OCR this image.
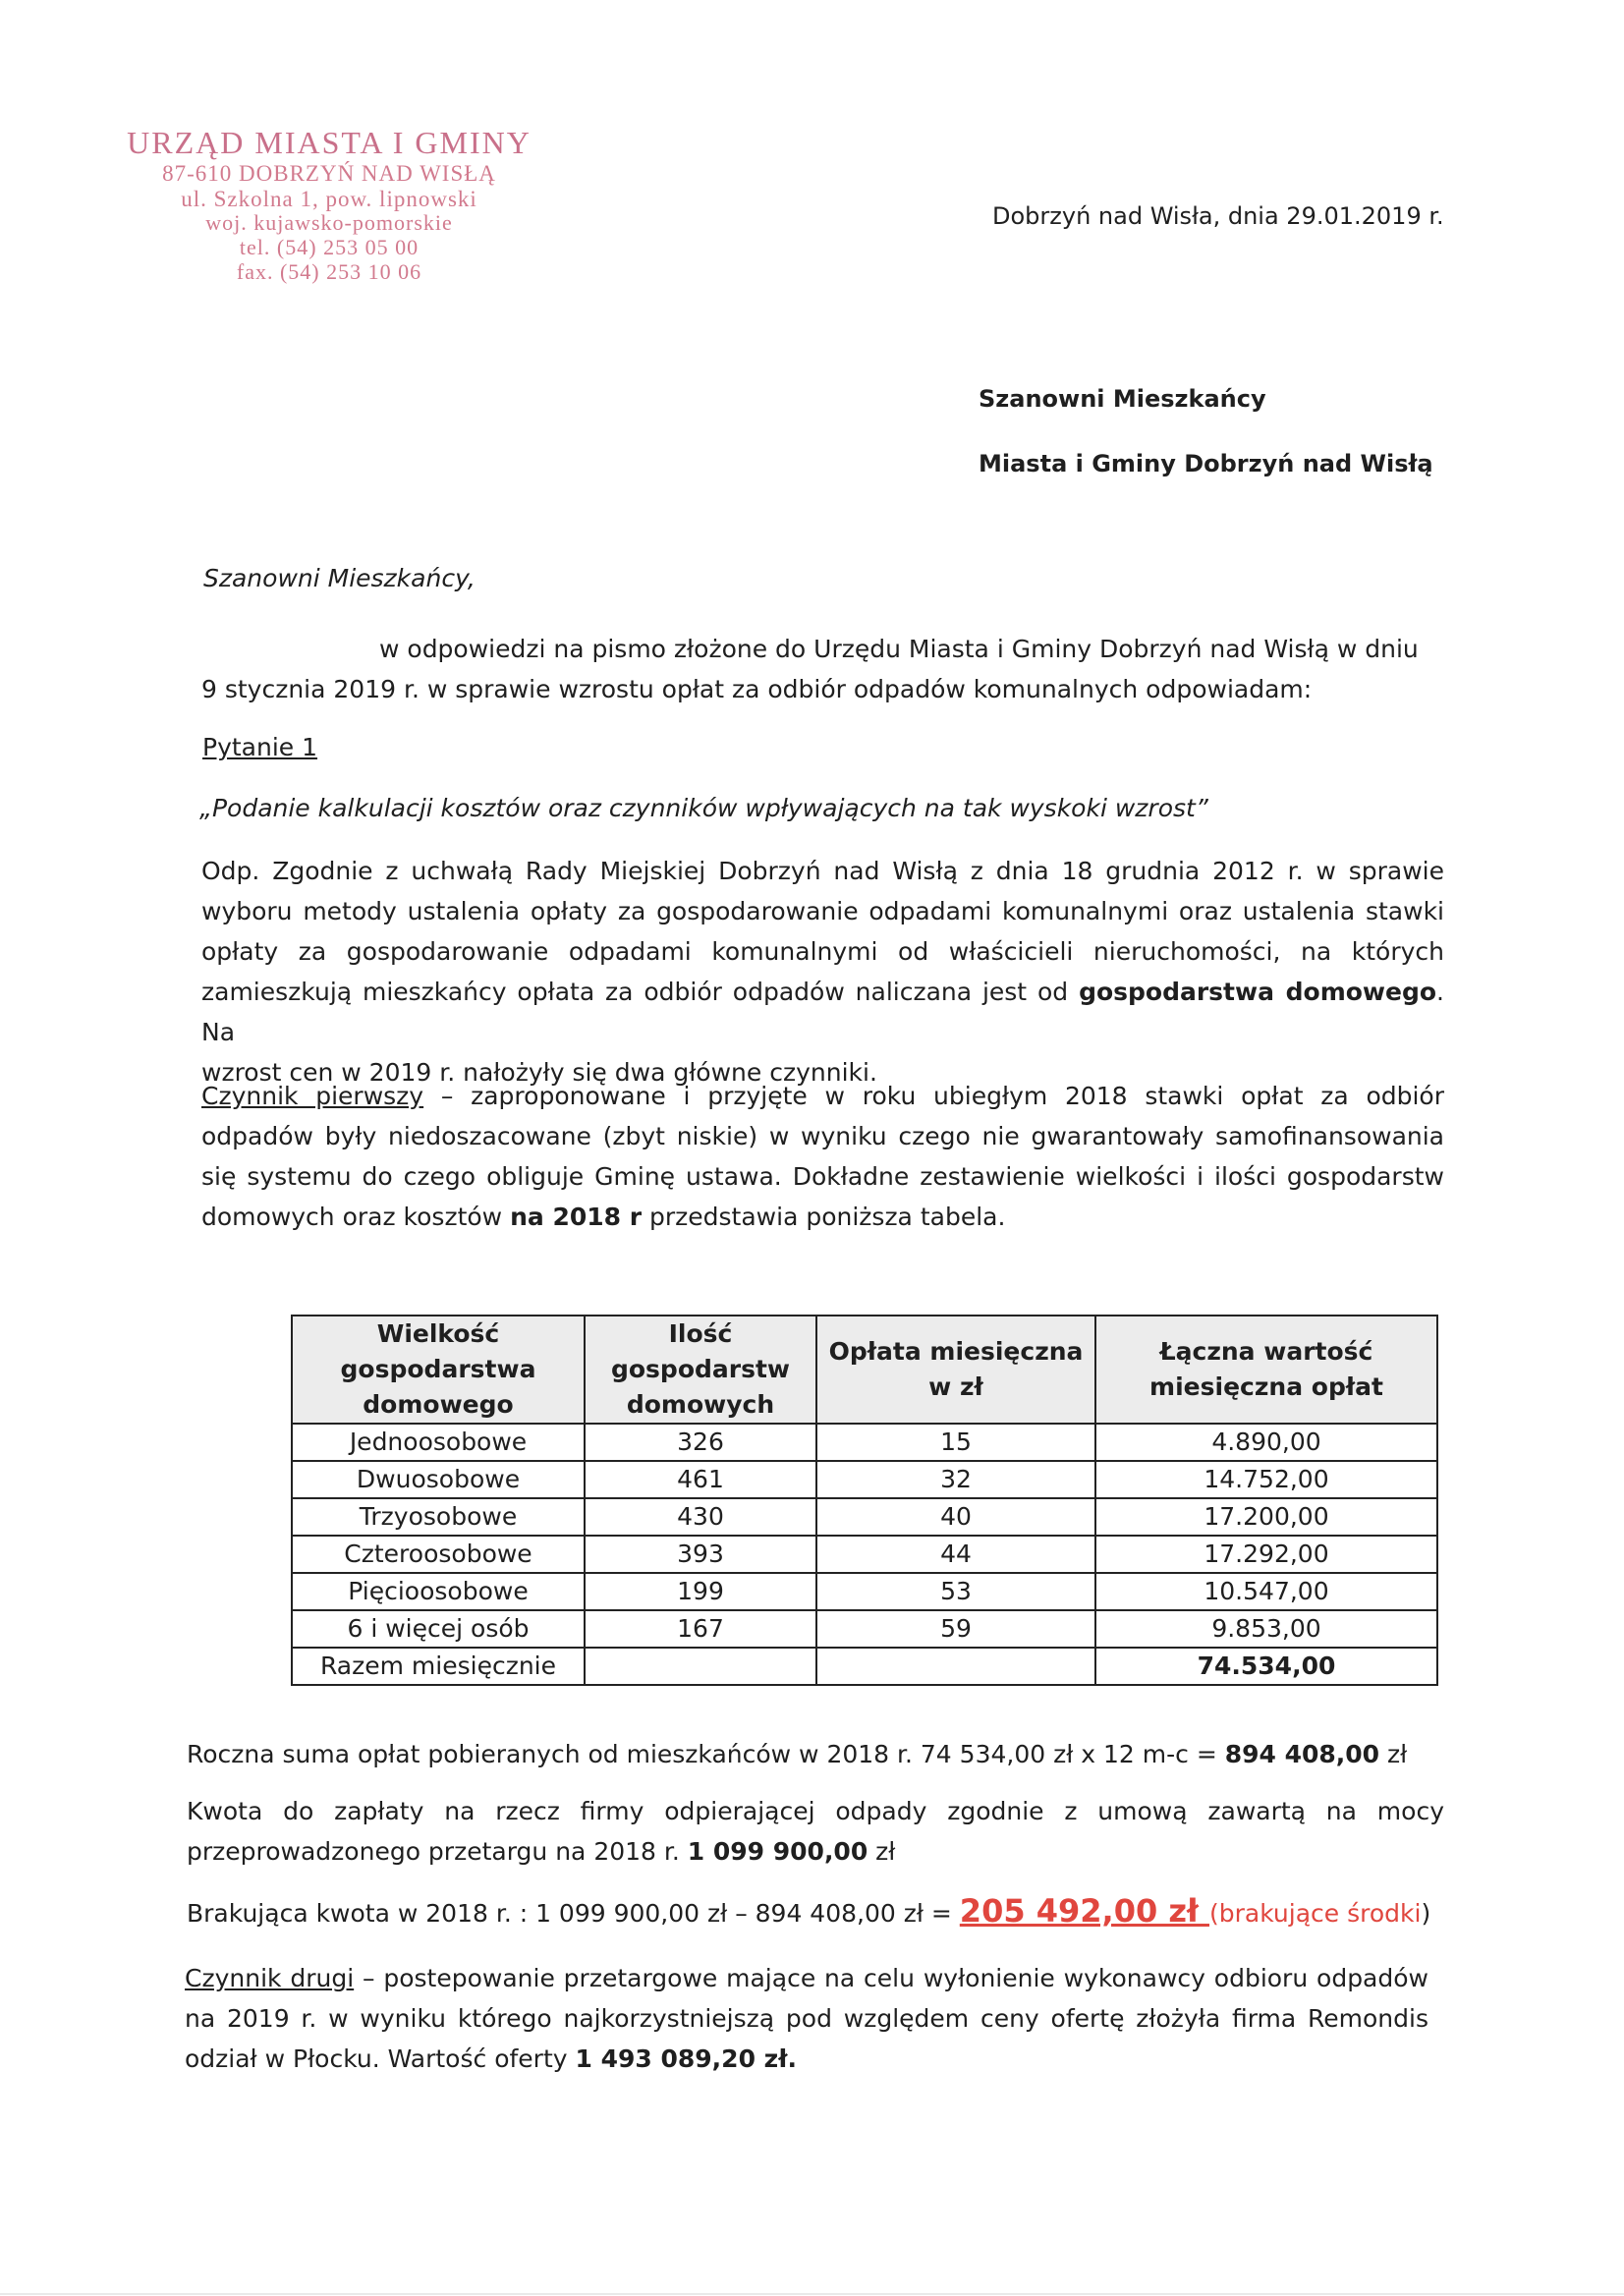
URZĄD MIASTA I GMINY
87-610 DOBRZYŃ NAD WISŁĄ
ul. Szkolna 1, pow. lipnowski
woj. kujawsko-pomorskie
tel. (54) 253 05 00
fax. (54) 253 10 06
Dobrzyń nad Wisła, dnia 29.01.2019 r.
Szanowni Mieszkańcy
Miasta i Gminy Dobrzyń nad Wisłą
Szanowni Mieszkańcy,
w odpowiedzi na pismo złożone do Urzędu Miasta i Gminy Dobrzyń nad Wisłą w dniu
9 stycznia 2019 r. w sprawie wzrostu opłat za odbiór odpadów komunalnych odpowiadam:
Pytanie 1
„Podanie kalkulacji kosztów oraz czynników wpływających na tak wyskoki wzrost”
Odp. Zgodnie z uchwałą Rady Miejskiej Dobrzyń nad Wisłą z dnia 18 grudnia 2012 r. w sprawie
wyboru metody ustalenia opłaty za gospodarowanie odpadami komunalnymi oraz ustalenia stawki
opłaty za gospodarowanie odpadami komunalnymi od właścicieli nieruchomości, na których
zamieszkują mieszkańcy opłata za odbiór odpadów naliczana jest od gospodarstwa domowego. Na
wzrost cen w 2019 r. nałożyły się dwa główne czynniki.
Czynnik pierwszy – zaproponowane i przyjęte w roku ubiegłym 2018 stawki opłat za odbiór
odpadów były niedoszacowane (zbyt niskie) w wyniku czego nie gwarantowały samofinansowania
się systemu do czego obliguje Gminę ustawa. Dokładne zestawienie wielkości i ilości gospodarstw
domowych oraz kosztów na 2018 r przedstawia poniższa tabela.
Wielkość gospodarstwa domowego	Ilość gospodarstw domowych	Opłata miesięczna w zł	Łączna wartość miesięczna opłat
Jednoosobowe	326	15	4.890,00
Dwuosobowe	461	32	14.752,00
Trzyosobowe	430	40	17.200,00
Czteroosobowe	393	44	17.292,00
Pięcioosobowe	199	53	10.547,00
6 i więcej osób	167	59	9.853,00
Razem miesięcznie			74.534,00
Roczna suma opłat pobieranych od mieszkańców w 2018 r. 74 534,00 zł x 12 m-c = 894 408,00 zł
Kwota do zapłaty na rzecz firmy odpierającej odpady zgodnie z umową zawartą na mocy
przeprowadzonego przetargu na 2018 r. 1 099 900,00 zł
Brakująca kwota w 2018 r. : 1 099 900,00 zł – 894 408,00 zł = 205 492,00 zł (brakujące środki)
Czynnik drugi – postepowanie przetargowe mające na celu wyłonienie wykonawcy odbioru odpadów
na 2019 r. w wyniku którego najkorzystniejszą pod względem ceny ofertę złożyła firma Remondis
odział w Płocku. Wartość oferty 1 493 089,20 zł.
